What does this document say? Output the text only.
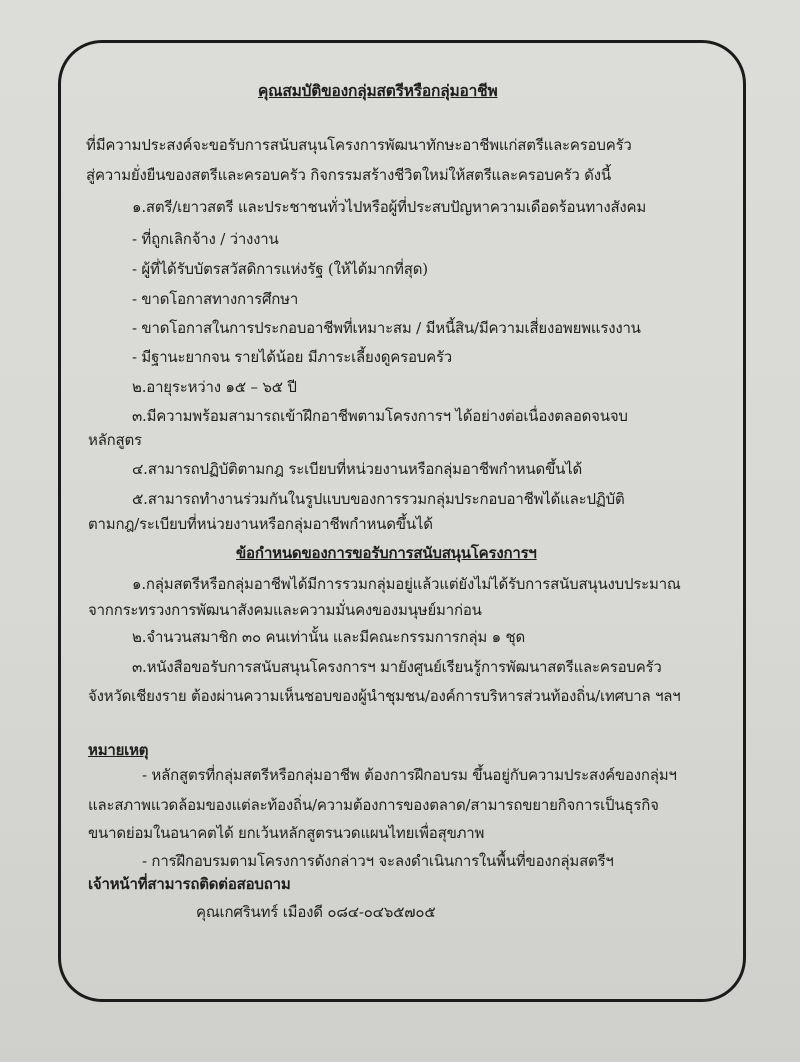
คุณสมบัติของกลุ่มสตรีหรือกลุ่มอาชีพ
ที่มีความประสงค์จะขอรับการสนับสนุนโครงการพัฒนาทักษะอาชีพแก่สตรีและครอบครัว
สู่ความยั่งยืนของสตรีและครอบครัว กิจกรรมสร้างชีวิตใหม่ให้สตรีและครอบครัว ดังนี้
๑.สตรี/เยาวสตรี และประชาชนทั่วไปหรือผู้ที่ประสบปัญหาความเดือดร้อนทางสังคม
- ที่ถูกเลิกจ้าง / ว่างงาน
- ผู้ที่ได้รับบัตรสวัสดิการแห่งรัฐ (ให้ได้มากที่สุด)
- ขาดโอกาสทางการศึกษา
- ขาดโอกาสในการประกอบอาชีพที่เหมาะสม / มีหนี้สิน/มีความเสี่ยงอพยพแรงงาน
- มีฐานะยากจน รายได้น้อย มีภาระเลี้ยงดูครอบครัว
๒.อายุระหว่าง ๑๕ – ๖๕ ปี
๓.มีความพร้อมสามารถเข้าฝึกอาชีพตามโครงการฯ ได้อย่างต่อเนื่องตลอดจนจบ
หลักสูตร
๔.สามารถปฏิบัติตามกฎ ระเบียบที่หน่วยงานหรือกลุ่มอาชีพกำหนดขึ้นได้
๕.สามารถทำงานร่วมกันในรูปแบบของการรวมกลุ่มประกอบอาชีพได้และปฏิบัติ
ตามกฎ/ระเบียบที่หน่วยงานหรือกลุ่มอาชีพกำหนดขึ้นได้
ข้อกำหนดของการขอรับการสนับสนุนโครงการฯ
๑.กลุ่มสตรีหรือกลุ่มอาชีพได้มีการรวมกลุ่มอยู่แล้วแต่ยังไม่ได้รับการสนับสนุนงบประมาณ
จากกระทรวงการพัฒนาสังคมและความมั่นคงของมนุษย์มาก่อน
๒.จำนวนสมาชิก ๓๐ คนเท่านั้น และมีคณะกรรมการกลุ่ม ๑ ชุด
๓.หนังสือขอรับการสนับสนุนโครงการฯ มายังศูนย์เรียนรู้การพัฒนาสตรีและครอบครัว
จังหวัดเชียงราย ต้องผ่านความเห็นชอบของผู้นำชุมชน/องค์การบริหารส่วนท้องถิ่น/เทศบาล ฯลฯ
หมายเหตุ
- หลักสูตรที่กลุ่มสตรีหรือกลุ่มอาชีพ ต้องการฝึกอบรม ขึ้นอยู่กับความประสงค์ของกลุ่มฯ
และสภาพแวดล้อมของแต่ละท้องถิ่น/ความต้องการของตลาด/สามารถขยายกิจการเป็นธุรกิจ
ขนาดย่อมในอนาคตได้ ยกเว้นหลักสูตรนวดแผนไทยเพื่อสุขภาพ
- การฝึกอบรมตามโครงการดังกล่าวฯ จะลงดำเนินการในพื้นที่ของกลุ่มสตรีฯ
เจ้าหน้าที่สามารถติดต่อสอบถาม
คุณเกศรินทร์ เมืองดี ๐๘๔-๐๔๖๕๗๐๕
